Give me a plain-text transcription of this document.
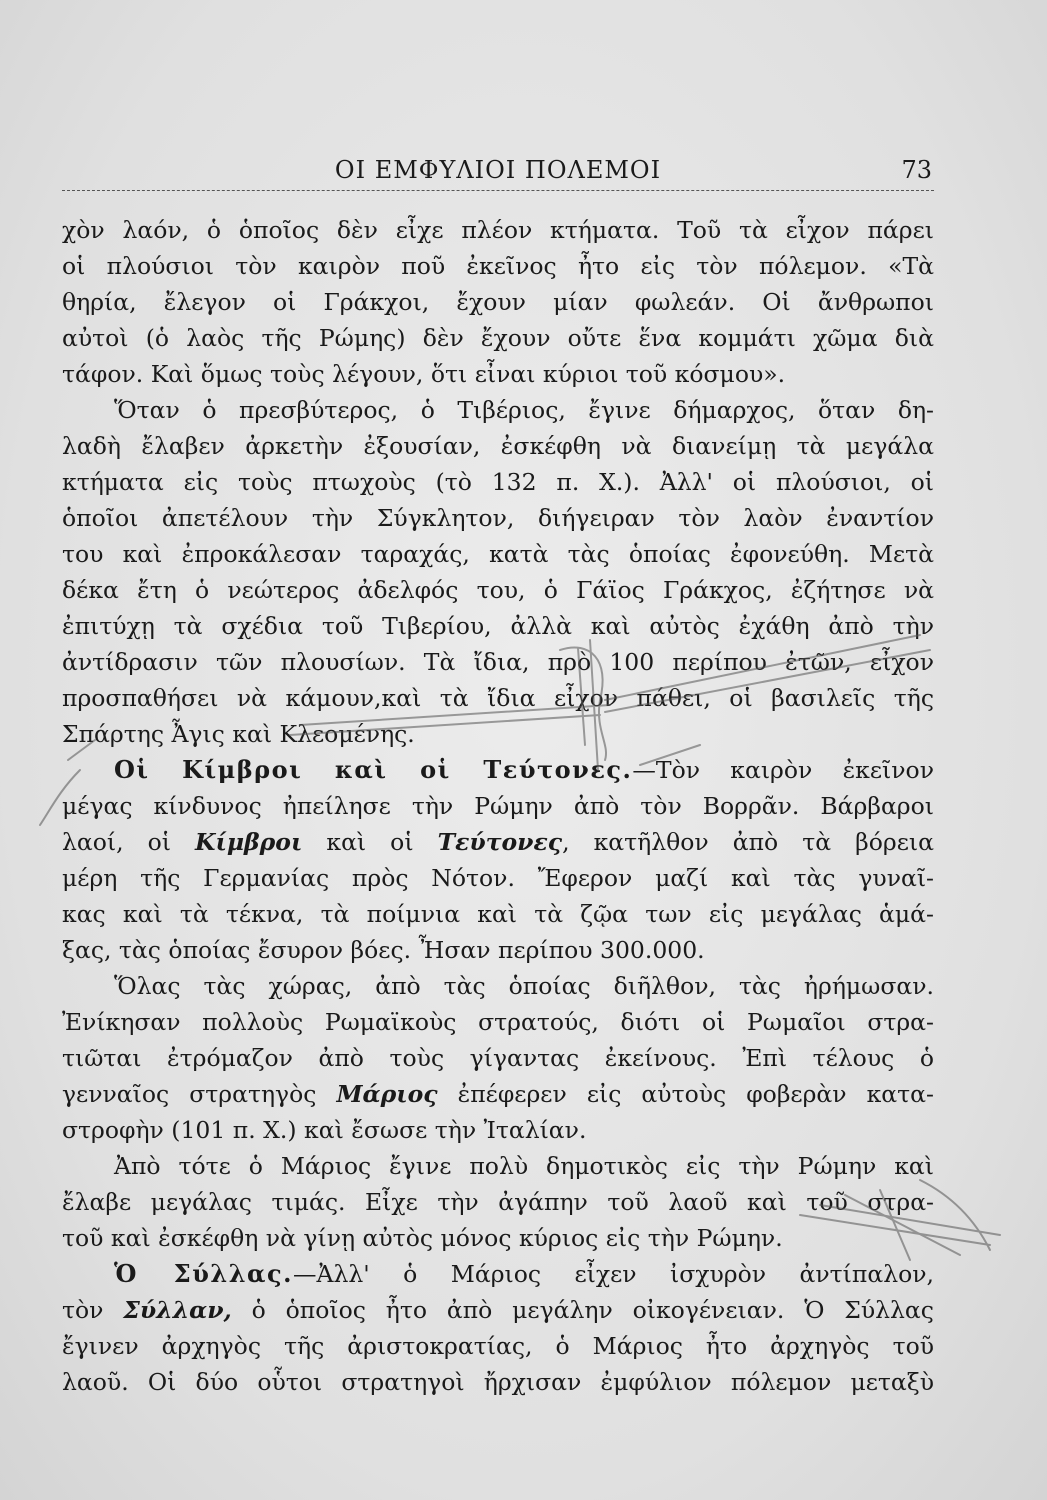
ΟΙ ΕΜΦΥΛΙΟΙ ΠΟΛΕΜΟΙ	73
χὸν λαόν, ὁ ὁποῖος δὲν εἶχε πλέον κτήματα. Τοῦ τὰ εἶχον πάρει
οἱ πλούσιοι τὸν καιρὸν ποῦ ἐκεῖνος ἦτο εἰς τὸν πόλεμον. «Τὰ
θηρία, ἔλεγον οἱ Γράκχοι, ἔχουν μίαν φωλεάν. Οἱ ἄνθρωποι
αὐτοὶ (ὁ λαὸς τῆς Ρώμης) δὲν ἔχουν οὔτε ἕνα κομμάτι χῶμα διὰ
τάφον. Καὶ ὅμως τοὺς λέγουν, ὅτι εἶναι κύριοι τοῦ κόσμου».
Ὅταν ὁ πρεσβύτερος, ὁ Τιβέριος, ἔγινε δήμαρχος, ὅταν δη-
λαδὴ ἔλαβεν ἀρκετὴν ἐξουσίαν, ἐσκέφθη νὰ διανείμῃ τὰ μεγάλα
κτήματα εἰς τοὺς πτωχοὺς (τὸ 132 π. Χ.). Ἀλλ' οἱ πλούσιοι, οἱ
ὁποῖοι ἀπετέλουν τὴν Σύγκλητον, διήγειραν τὸν λαὸν ἐναντίον
του καὶ ἐπροκάλεσαν ταραχάς, κατὰ τὰς ὁποίας ἐφονεύθη. Μετὰ
δέκα ἔτη ὁ νεώτερος ἀδελφός του, ὁ Γάϊος Γράκχος, ἐζήτησε νὰ
ἐπιτύχῃ τὰ σχέδια τοῦ Τιβερίου, ἀλλὰ καὶ αὐτὸς ἐχάθη ἀπὸ τὴν
ἀντίδρασιν τῶν πλουσίων. Τὰ ἴδια, πρὸ 100 περίπου ἐτῶν, εἶχον
προσπαθήσει νὰ κάμουν,καὶ τὰ ἴδια εἶχον πάθει, οἱ βασιλεῖς τῆς
Σπάρτης Ἆγις καὶ Κλεομένης.
Οἱ Κίμβροι καὶ οἱ Τεύτονες.—Τὸν καιρὸν ἐκεῖνον
μέγας κίνδυνος ἠπείλησε τὴν Ρώμην ἀπὸ τὸν Βορρᾶν. Βάρβαροι
λαοί, οἱ Κίμβροι καὶ οἱ Τεύτονες, κατῆλθον ἀπὸ τὰ βόρεια
μέρη τῆς Γερμανίας πρὸς Νότον. Ἔφερον μαζί καὶ τὰς γυναῖ-
κας καὶ τὰ τέκνα, τὰ ποίμνια καὶ τὰ ζῷα των εἰς μεγάλας ἁμά-
ξας, τὰς ὁποίας ἔσυρον βόες. Ἦσαν περίπου 300.000.
Ὅλας τὰς χώρας, ἀπὸ τὰς ὁποίας διῆλθον, τὰς ἠρήμωσαν.
Ἐνίκησαν πολλοὺς Ρωμαϊκοὺς στρατούς, διότι οἱ Ρωμαῖοι στρα-
τιῶται ἐτρόμαζον ἀπὸ τοὺς γίγαντας ἐκείνους. Ἐπὶ τέλους ὁ
γενναῖος στρατηγὸς Μάριος ἐπέφερεν εἰς αὐτοὺς φοβερὰν κατα-
στροφὴν (101 π. Χ.) καὶ ἔσωσε τὴν Ἰταλίαν.
Ἀπὸ τότε ὁ Μάριος ἔγινε πολὺ δημοτικὸς εἰς τὴν Ρώμην καὶ
ἔλαβε μεγάλας τιμάς. Εἶχε τὴν ἀγάπην τοῦ λαοῦ καὶ τοῦ στρα-
τοῦ καὶ ἐσκέφθη νὰ γίνῃ αὐτὸς μόνος κύριος εἰς τὴν Ρώμην.
Ὁ Σύλλας.—Ἀλλ' ὁ Μάριος εἶχεν ἰσχυρὸν ἀντίπαλον,
τὸν Σύλλαν, ὁ ὁποῖος ἦτο ἀπὸ μεγάλην οἰκογένειαν. Ὁ Σύλλας
ἔγινεν ἀρχηγὸς τῆς ἀριστοκρατίας, ὁ Μάριος ἦτο ἀρχηγὸς τοῦ
λαοῦ. Οἱ δύο οὗτοι στρατηγοὶ ἤρχισαν ἐμφύλιον πόλεμον μεταξὺ
